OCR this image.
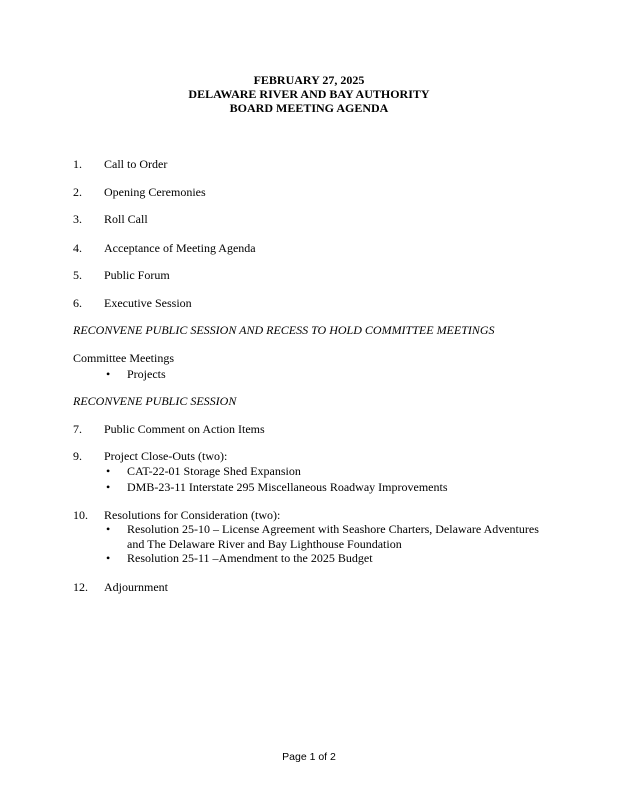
FEBRUARY 27, 2025
DELAWARE RIVER AND BAY AUTHORITY
BOARD MEETING AGENDA
1. Call to Order
2. Opening Ceremonies
3. Roll Call
4. Acceptance of Meeting Agenda
5. Public Forum
6. Executive Session
RECONVENE PUBLIC SESSION AND RECESS TO HOLD COMMITTEE MEETINGS
Committee Meetings
• Projects
RECONVENE PUBLIC SESSION
7. Public Comment on Action Items
9. Project Close-Outs (two):
• CAT-22-01 Storage Shed Expansion
• DMB-23-11 Interstate 295 Miscellaneous Roadway Improvements
10. Resolutions for Consideration (two):
• Resolution 25-10 – License Agreement with Seashore Charters, Delaware Adventures
and The Delaware River and Bay Lighthouse Foundation
• Resolution 25-11 –Amendment to the 2025 Budget
12. Adjournment
Page 1 of 2
